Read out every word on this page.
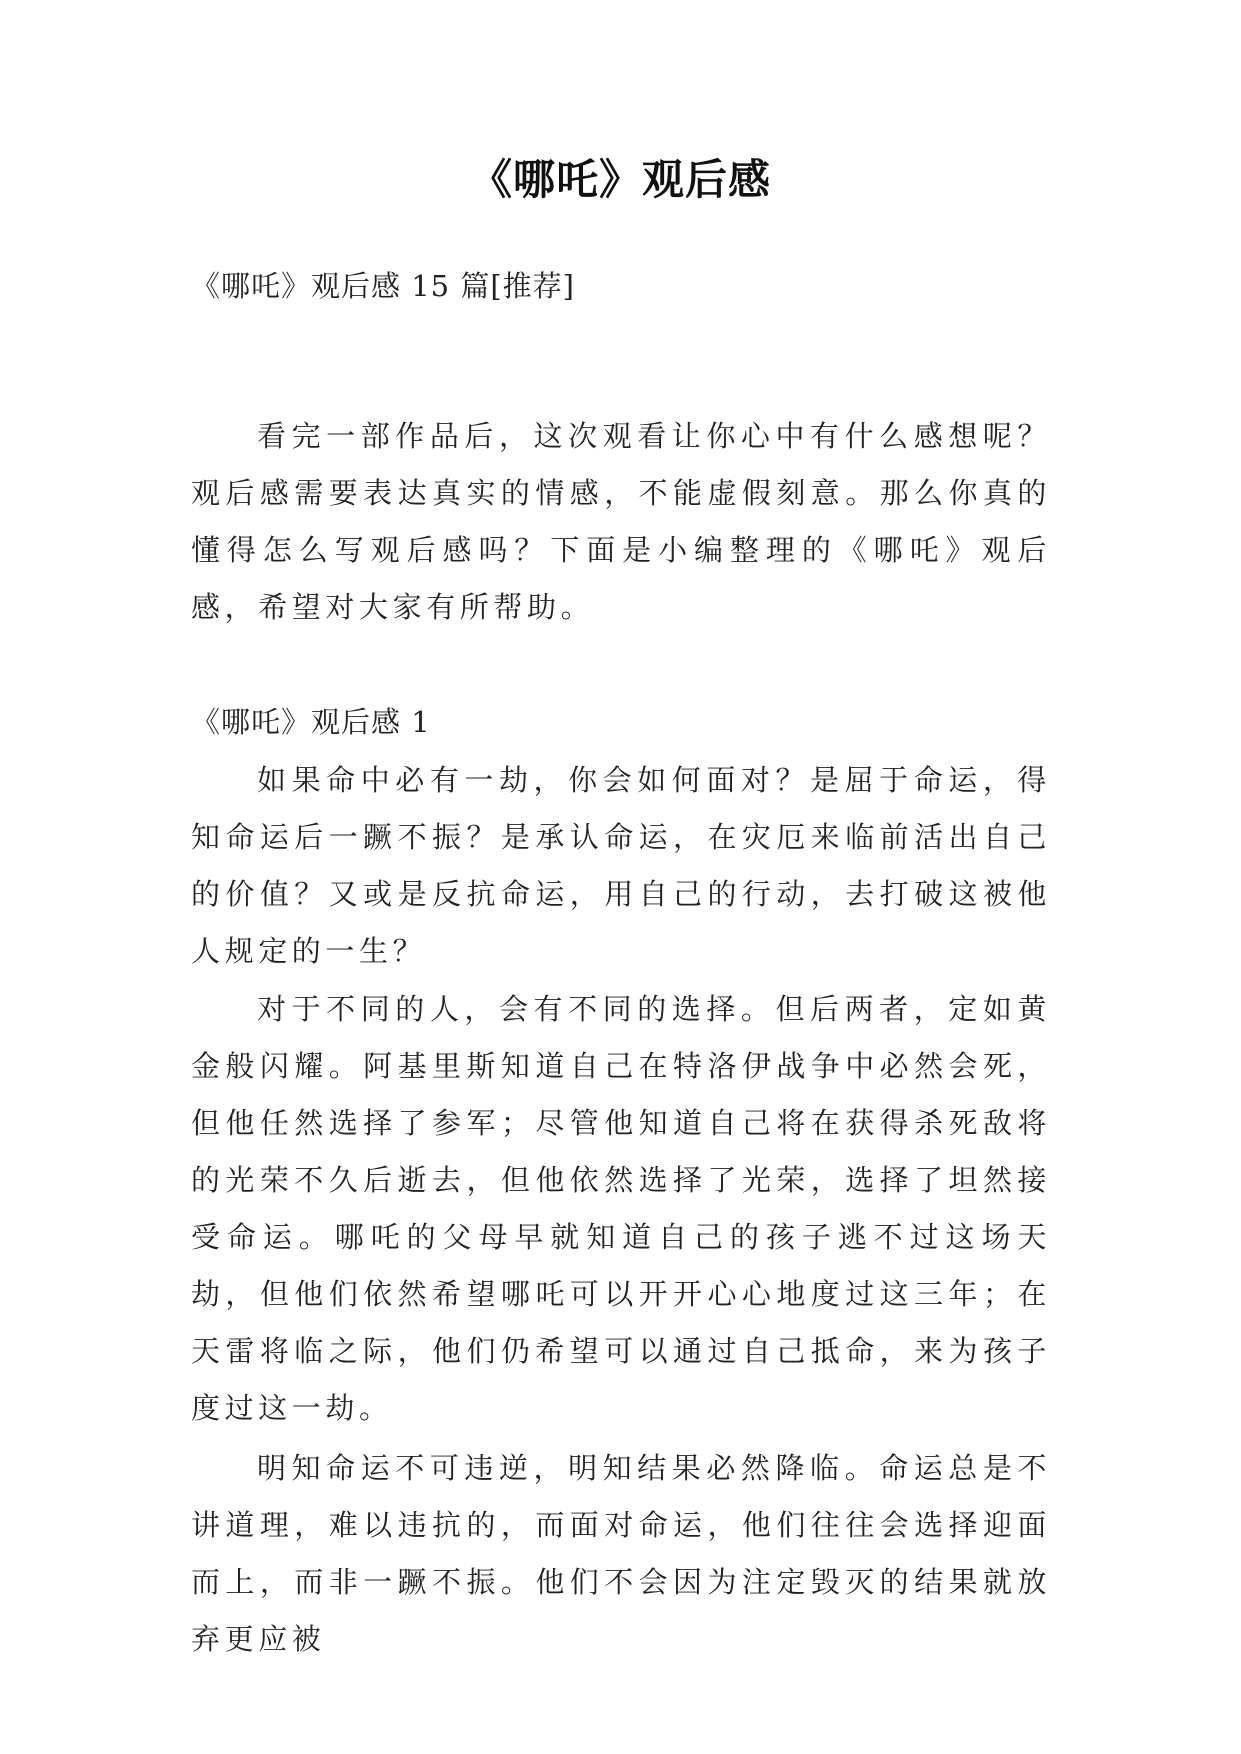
《哪吒》观后感
《哪吒》观后感 15 篇[推荐]

看完一部作品后，这次观看让你心中有什么感想呢？观后感需要表达真实的情感，不能虚假刻意。那么你真的懂得怎么写观后感吗？下面是小编整理的《哪吒》观后感，希望对大家有所帮助。

《哪吒》观后感 1

如果命中必有一劫，你会如何面对？是屈于命运，得知命运后一蹶不振？是承认命运，在灾厄来临前活出自己的价值？又或是反抗命运，用自己的行动，去打破这被他人规定的一生？

对于不同的人，会有不同的选择。但后两者，定如黄金般闪耀。阿基里斯知道自己在特洛伊战争中必然会死，但他任然选择了参军；尽管他知道自己将在获得杀死敌将的光荣不久后逝去，但他依然选择了光荣，选择了坦然接受命运。哪吒的父母早就知道自己的孩子逃不过这场天劫，但他们依然希望哪吒可以开开心心地度过这三年；在天雷将临之际，他们仍希望可以通过自己抵命，来为孩子度过这一劫。

明知命运不可违逆，明知结果必然降临。命运总是不讲道理，难以违抗的，而面对命运，他们往往会选择迎面而上，而非一蹶不振。他们不会因为注定毁灭的结果就放弃更应被
